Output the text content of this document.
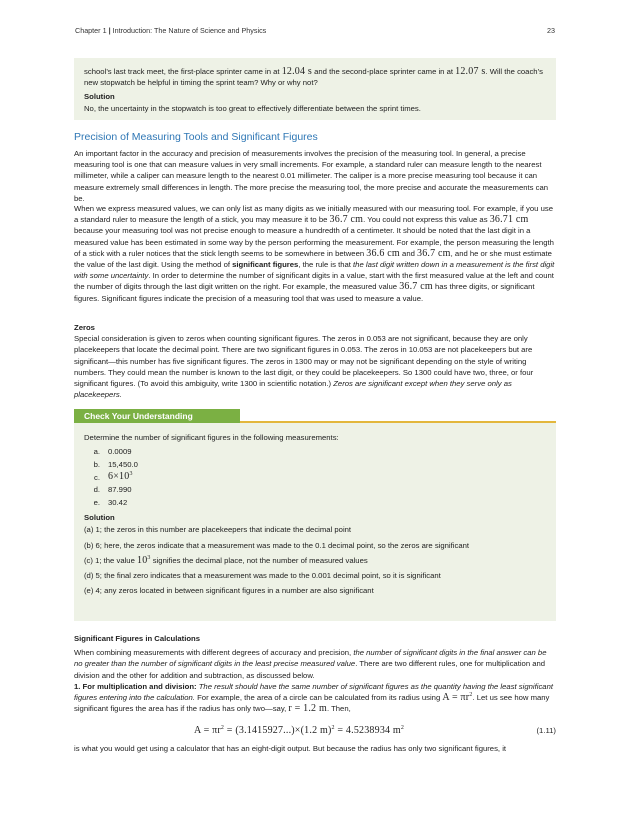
Chapter 1 | Introduction: The Nature of Science and Physics	23

school’s last track meet, the first-place sprinter came in at 12.04 s and the second-place sprinter came in at 12.07 s. Will the coach’s new stopwatch be helpful in timing the sprint team? Why or why not?

Solution

No, the uncertainty in the stopwatch is too great to effectively differentiate between the sprint times.

Precision of Measuring Tools and Significant Figures

An important factor in the accuracy and precision of measurements involves the precision of the measuring tool. In general, a precise measuring tool is one that can measure values in very small increments. For example, a standard ruler can measure length to the nearest millimeter, while a caliper can measure length to the nearest 0.01 millimeter. The caliper is a more precise measuring tool because it can measure extremely small differences in length. The more precise the measuring tool, the more precise and accurate the measurements can be.

When we express measured values, we can only list as many digits as we initially measured with our measuring tool. For example, if you use a standard ruler to measure the length of a stick, you may measure it to be 36.7 cm. You could not express this value as 36.71 cm because your measuring tool was not precise enough to measure a hundredth of a centimeter. It should be noted that the last digit in a measured value has been estimated in some way by the person performing the measurement. For example, the person measuring the length of a stick with a ruler notices that the stick length seems to be somewhere in between 36.6 cm and 36.7 cm, and he or she must estimate the value of the last digit. Using the method of significant figures, the rule is that the last digit written down in a measurement is the first digit with some uncertainty. In order to determine the number of significant digits in a value, start with the first measured value at the left and count the number of digits through the last digit written on the right. For example, the measured value 36.7 cm has three digits, or significant figures. Significant figures indicate the precision of a measuring tool that was used to measure a value.

Zeros
Special consideration is given to zeros when counting significant figures. The zeros in 0.053 are not significant, because they are only placekeepers that locate the decimal point. There are two significant figures in 0.053. The zeros in 10.053 are not placekeepers but are significant—this number has five significant figures. The zeros in 1300 may or may not be significant depending on the style of writing numbers. They could mean the number is known to the last digit, or they could be placekeepers. So 1300 could have two, three, or four significant figures. (To avoid this ambiguity, write 1300 in scientific notation.) Zeros are significant except when they serve only as placekeepers.
Check Your Understanding

Determine the number of significant figures in the following measurements:

a.	0.0009
b.	15,450.0
c. $6\times 10^3$
d.	87.990
e.	30.42

Solution

(a) 1; the zeros in this number are placekeepers that indicate the decimal point

(b) 6; here, the zeros indicate that a measurement was made to the 0.1 decimal point, so the zeros are significant

(c) 1; the value $10^3$ signifies the decimal place, not the number of measured values

(d) 5; the final zero indicates that a measurement was made to the 0.001 decimal point, so it is significant

(e) 4; any zeros located in between significant figures in a number are also significant

Significant Figures in Calculations
When combining measurements with different degrees of accuracy and precision, the number of significant digits in the final answer can be no greater than the number of significant digits in the least precise measured value. There are two different rules, one for multiplication and division and the other for addition and subtraction, as discussed below.
1. For multiplication and division: The result should have the same number of significant figures as the quantity having the least significant figures entering into the calculation. For example, the area of a circle can be calculated from its radius using $A = \pi r^2$. Let us see how many significant figures the area has if the radius has only two—say, r = 1.2 m. Then,
$A = \pi r^2 = (3.1415927...)\times(1.2$ m)$^2$ = 4.5238934 $m^2$	(1.11)

is what you would get using a calculator that has an eight-digit output. But because the radius has only two significant figures, it
